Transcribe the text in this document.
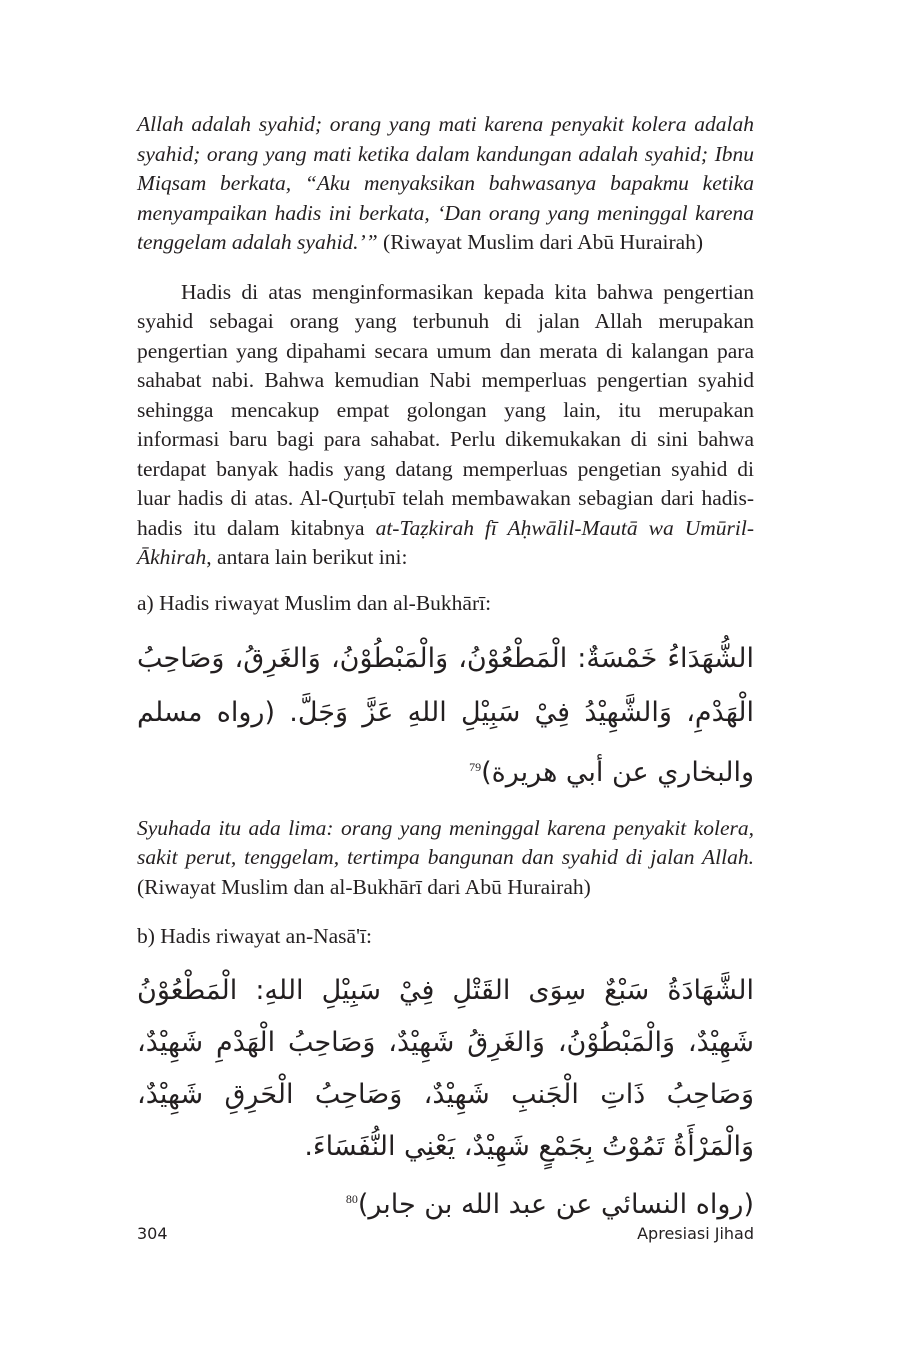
Allah adalah syahid; orang yang mati karena penyakit kolera adalah syahid; orang yang mati ketika dalam kandungan adalah syahid; Ibnu Miqsam berkata, “Aku menyaksikan bahwasanya bapakmu ketika menyampaikan hadis ini berkata, ‘Dan orang yang meninggal karena tenggelam adalah syahid.’” (Riwayat Muslim dari Abū Hurairah)

Hadis di atas menginformasikan kepada kita bahwa pengertian syahid sebagai orang yang terbunuh di jalan Allah merupakan pengertian yang dipahami secara umum dan merata di kalangan para sahabat nabi. Bahwa kemudian Nabi memperluas pengertian syahid sehingga mencakup empat golongan yang lain, itu merupakan informasi baru bagi para sahabat. Perlu dikemukakan di sini bahwa terdapat banyak hadis yang datang memperluas pengetian syahid di luar hadis di atas. Al-Qurṭubī telah membawakan sebagian dari hadis-hadis itu dalam kitabnya at-Taẓkirah fī Aḥwālil-Mautā wa Umūril-Ākhirah, antara lain berikut ini:

a) Hadis riwayat Muslim dan al-Bukhārī:

الشُّهَدَاءُ خَمْسَةٌ: الْمَطْعُوْنُ، وَالْمَبْطُوْنُ، وَالغَرِقُ، وَصَاحِبُ الْهَدْمِ، وَالشَّهِيْدُ فِيْ سَبِيْلِ اللهِ عَزَّ وَجَلَّ. (رواه مسلم والبخاري عن أبي هريرة)$^{79}$

Syuhada itu ada lima: orang yang meninggal karena penyakit kolera, sakit perut, tenggelam, tertimpa bangunan dan syahid di jalan Allah. (Riwayat Muslim dan al-Bukhārī dari Abū Hurairah)

b) Hadis riwayat an-Nasā'ī:

الشَّهَادَةُ سَبْعٌ سِوَى القَتْلِ فِيْ سَبِيْلِ اللهِ: الْمَطْعُوْنُ شَهِيْدٌ، وَالْمَبْطُوْنُ، وَالغَرِقُ شَهِيْدٌ، وَصَاحِبُ الْهَدْمِ شَهِيْدٌ، وَصَاحِبُ ذَاتِ الْجَنبِ شَهِيْدٌ، وَصَاحِبُ الْحَرِقِ شَهِيْدٌ، وَالْمَرْأَةُ تَمُوْتُ بِجَمْعٍ شَهِيْدٌ، يَعْنِي النُّفَسَاءَ.
(رواه النسائي عن عبد الله بن جابر)$^{80}$

304	Apresiasi Jihad
